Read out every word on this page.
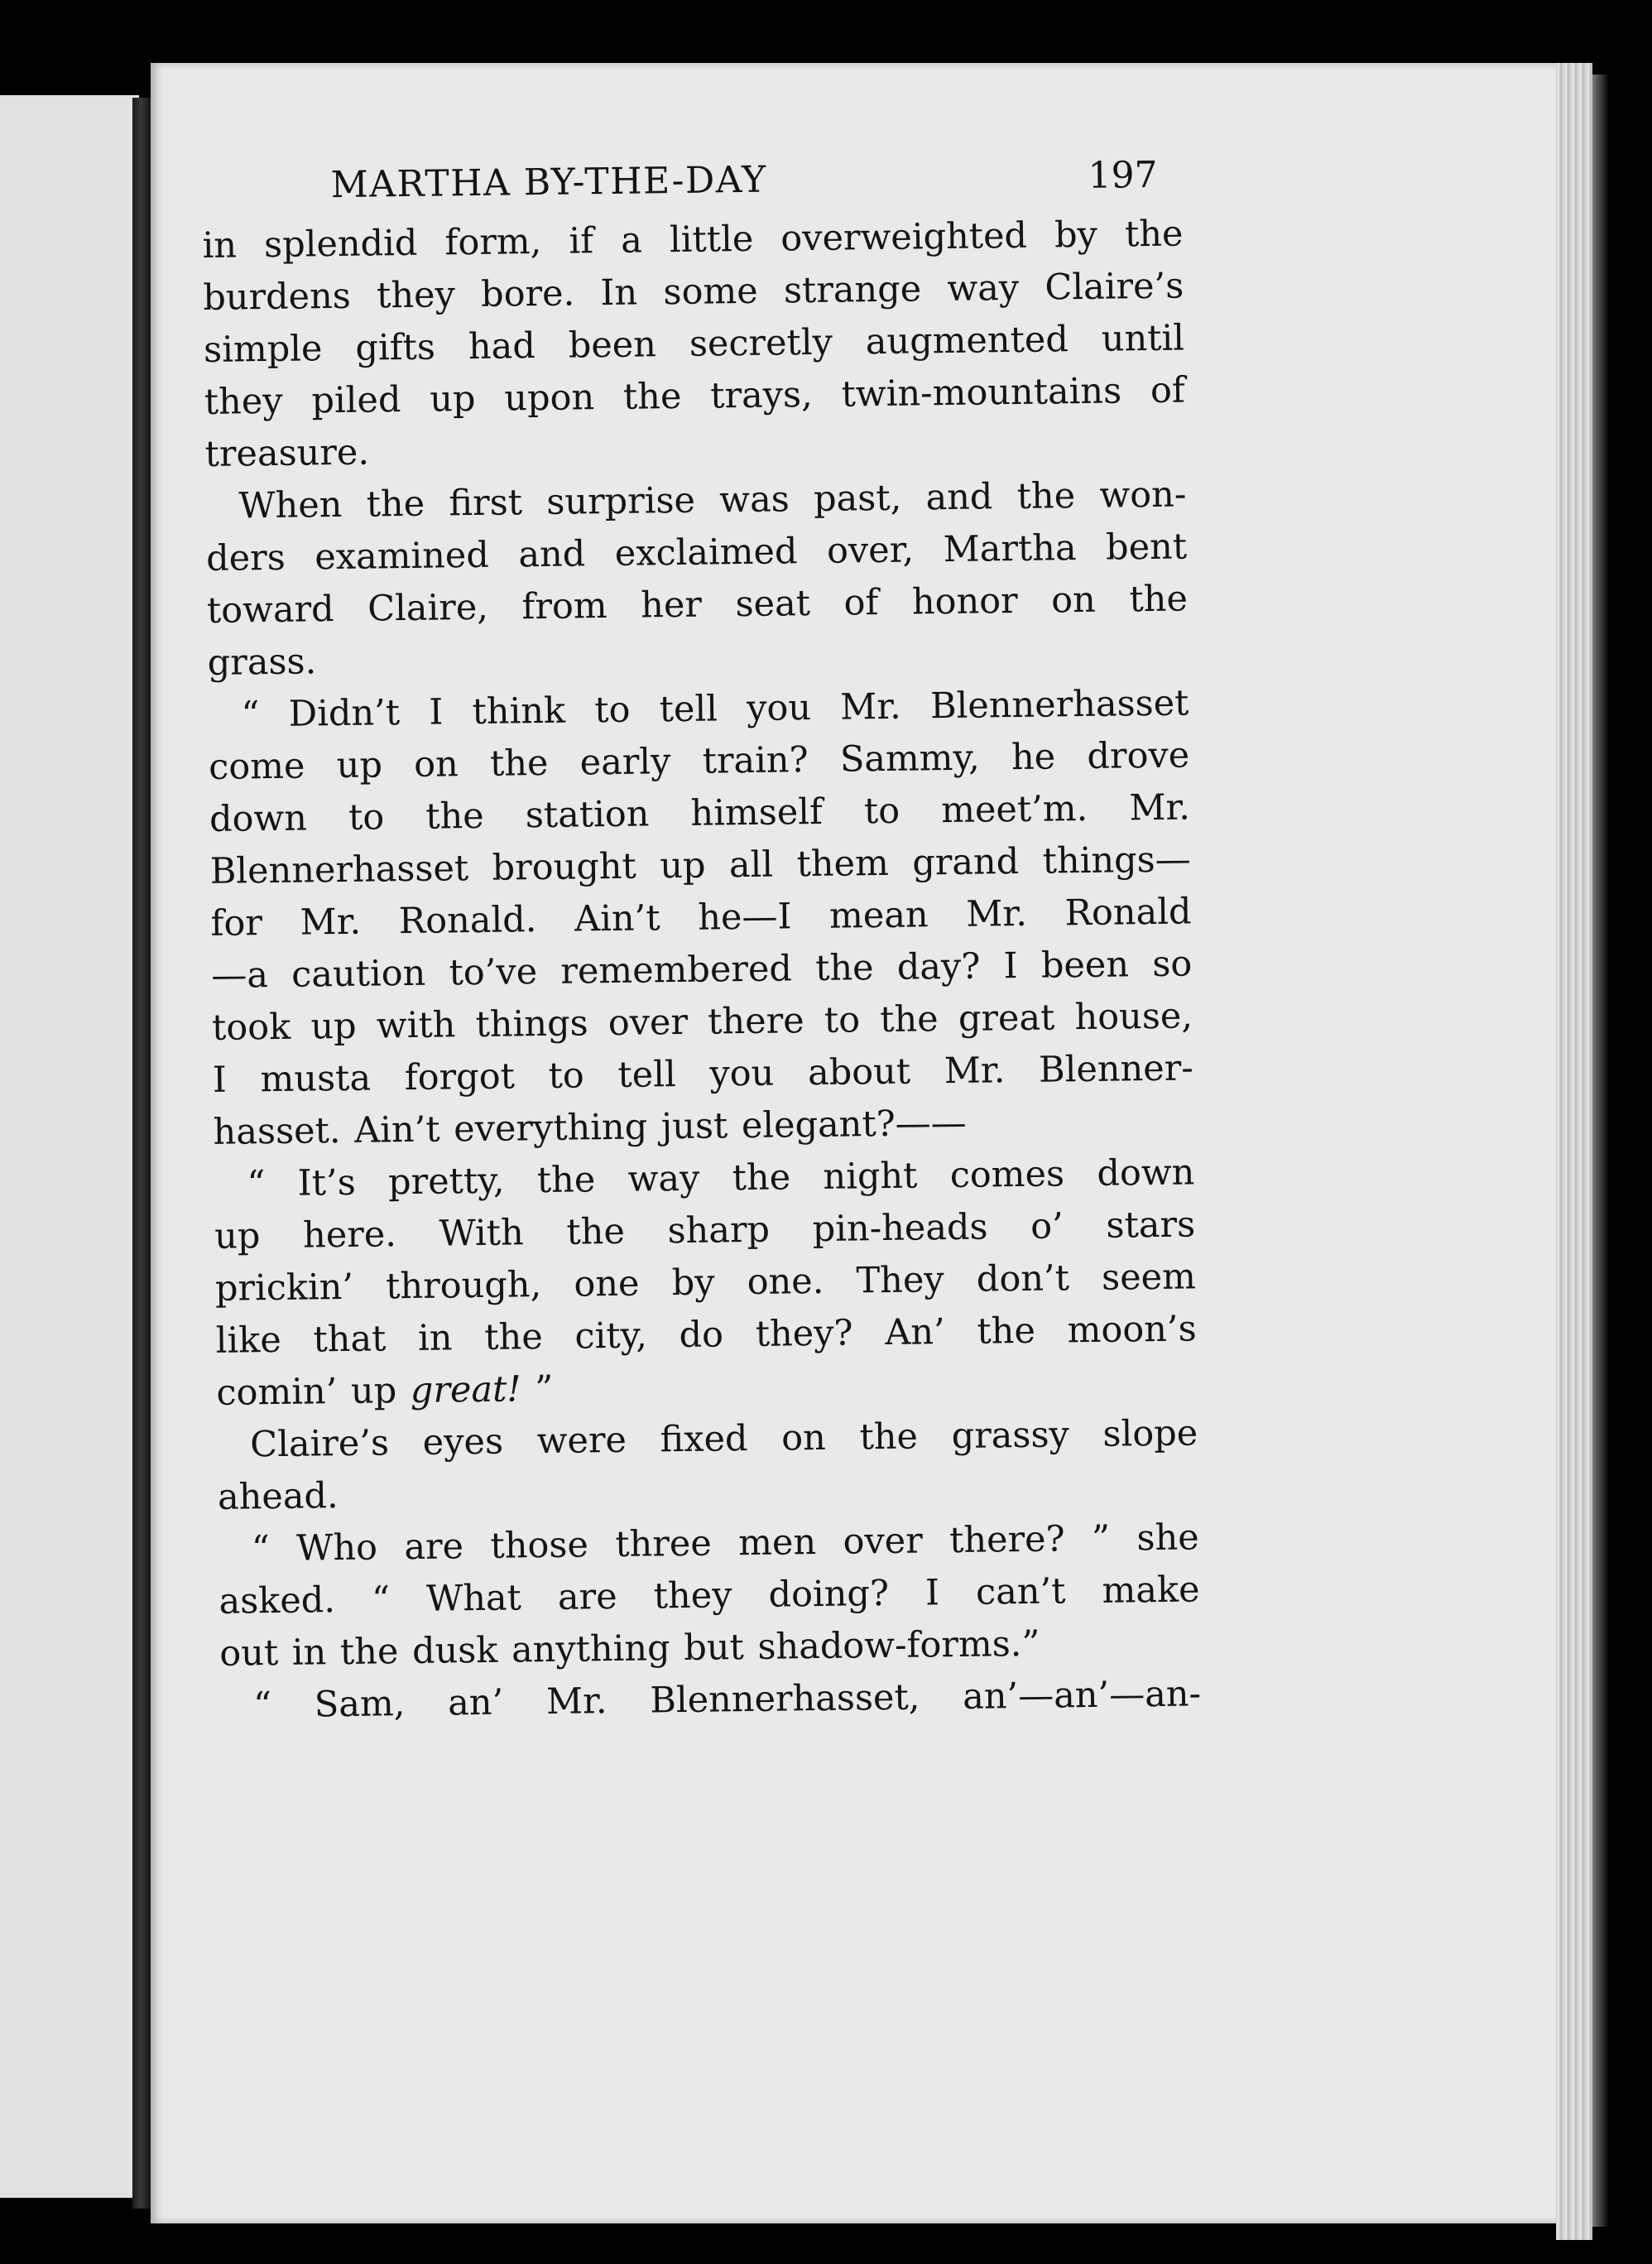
MARTHA BY-THE-DAY	197
in splendid form, if a little overweighted by the
burdens they bore. In some strange way Claire’s
simple gifts had been secretly augmented until
they piled up upon the trays, twin-mountains of
treasure.
When the first surprise was past, and the won-
ders examined and exclaimed over, Martha bent
toward Claire, from her seat of honor on the
grass.
“ Didn’t I think to tell you Mr. Blennerhasset
come up on the early train? Sammy, he drove
down to the station himself to meet’m. Mr.
Blennerhasset brought up all them grand things—
for Mr. Ronald. Ain’t he—I mean Mr. Ronald
—a caution to’ve remembered the day? I been so
took up with things over there to the great house,
I musta forgot to tell you about Mr. Blenner-
hasset. Ain’t everything just elegant?——
“ It’s pretty, the way the night comes down
up here. With the sharp pin-heads o’ stars
prickin’ through, one by one. They don’t seem
like that in the city, do they? An’ the moon’s
comin’ up great! ”
Claire’s eyes were fixed on the grassy slope
ahead.
“ Who are those three men over there? ” she
asked. “ What are they doing? I can’t make
out in the dusk anything but shadow-forms.”
“ Sam, an’ Mr. Blennerhasset, an’—an’—an-
